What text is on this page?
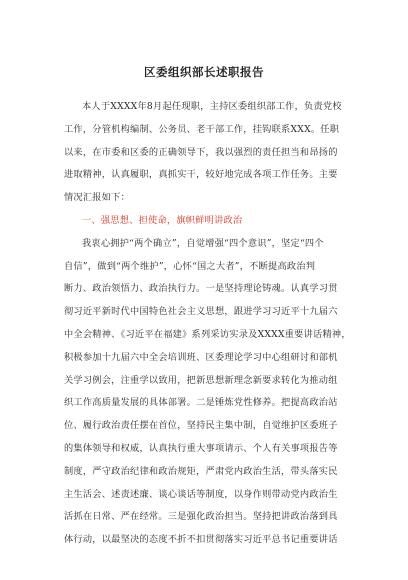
区委组织部长述职报告
本人于XXXX年8月起任现职，主持区委组织部工作，负责党校
工作，分管机构编制、公务员、老干部工作，挂钩联系XXX。任职
以来，在市委和区委的正确领导下，我以强烈的责任担当和昂扬的
进取精神，认真履职，真抓实干，较好地完成各项工作任务。主要
情况汇报如下：
一、强思想、担使命，旗帜鲜明讲政治
我衷心拥护“两个确立”，自觉增强“四个意识”，坚定“四个
自信”，做到“两个维护”，心怀“国之大者”，不断提高政治判
断力、政治领悟力、政治执行力。一是坚持理论铸魂。认真学习贯
彻习近平新时代中国特色社会主义思想，跟进学习习近平十九届六
中全会精神、《习近平在福建》系列采访实录及XXXX重要讲话精神，
积极参加十九届六中全会培训班、区委理论学习中心组研讨和部机
关学习例会，注重学以致用，把新思想新理念新要求转化为推动组
织工作高质量发展的具体部署。二是锤炼党性修养。把提高政治站
位、履行政治责任摆在首位，坚持民主集中制，自觉维护区委班子
的集体领导和权威，认真执行重大事项请示、个人有关事项报告等
制度，严守政治纪律和政治规矩，严肃党内政治生活，带头落实民
主生活会、述责述廉、谈心谈话等制度，以身作则带动党内政治生
活抓在日常、严在经常。三是强化政治担当。坚持把讲政治落到具
体行动，以最坚决的态度不折不扣贯彻落实习近平总书记重要讲话
